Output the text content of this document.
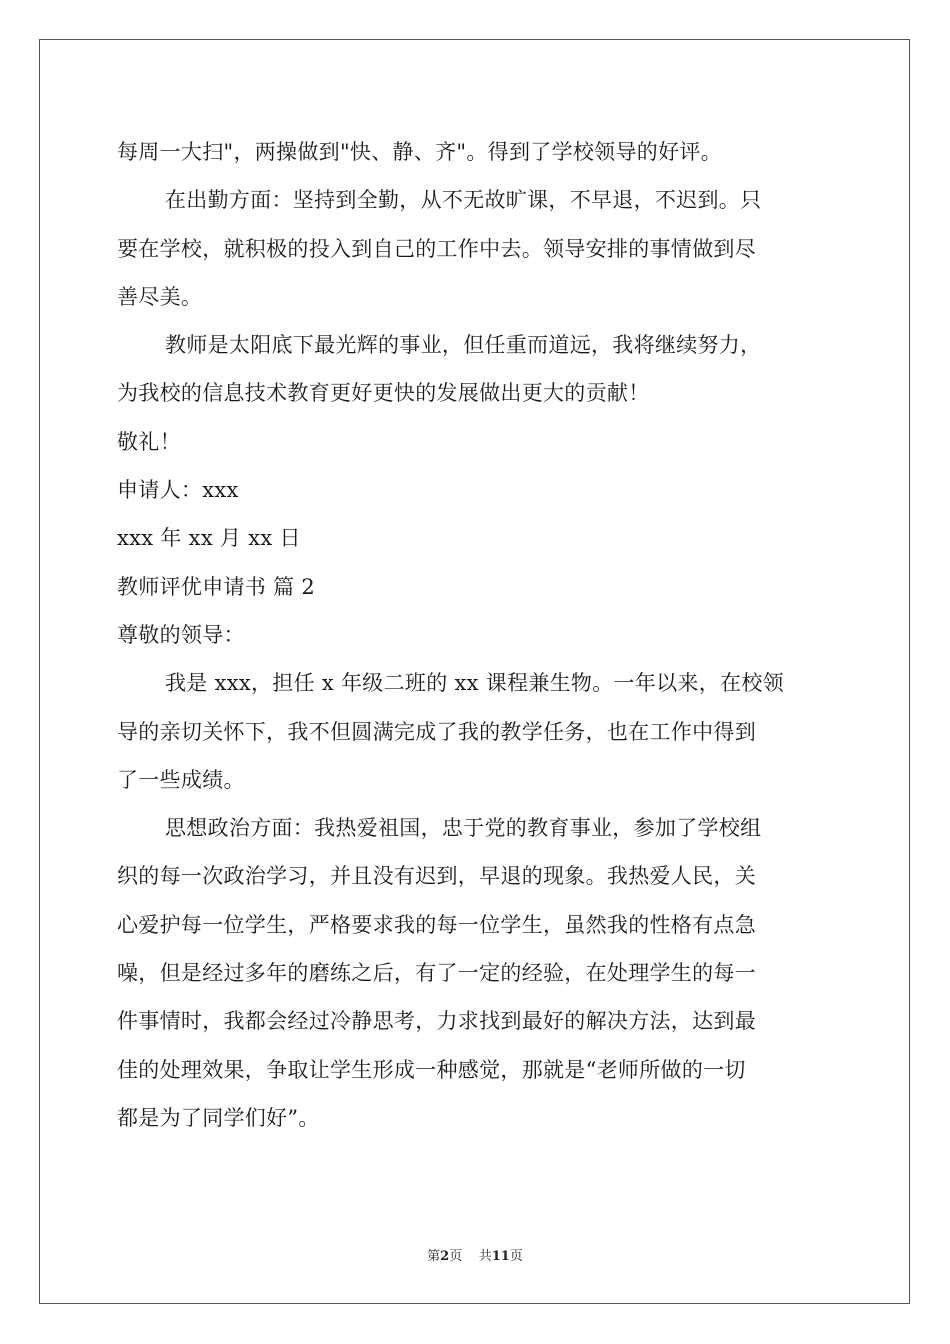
每周一大扫"，两操做到"快、静、齐"。得到了学校领导的好评。
在出勤方面：坚持到全勤，从不无故旷课，不早退，不迟到。只
要在学校，就积极的投入到自己的工作中去。领导安排的事情做到尽
善尽美。
教师是太阳底下最光辉的事业，但任重而道远，我将继续努力，
为我校的信息技术教育更好更快的发展做出更大的贡献！
敬礼！
申请人：xxx
xxx 年 xx 月 xx 日
教师评优申请书 篇 2
尊敬的领导：
我是 xxx，担任 x 年级二班的 xx 课程兼生物。一年以来，在校领
导的亲切关怀下，我不但圆满完成了我的教学任务，也在工作中得到
了一些成绩。
思想政治方面：我热爱祖国，忠于党的教育事业，参加了学校组
织的每一次政治学习，并且没有迟到，早退的现象。我热爱人民，关
心爱护每一位学生，严格要求我的每一位学生，虽然我的性格有点急
噪，但是经过多年的磨练之后，有了一定的经验，在处理学生的每一
件事情时，我都会经过冷静思考，力求找到最好的解决方法，达到最
佳的处理效果，争取让学生形成一种感觉，那就是“老师所做的一切
都是为了同学们好”。
第2页 共11页
